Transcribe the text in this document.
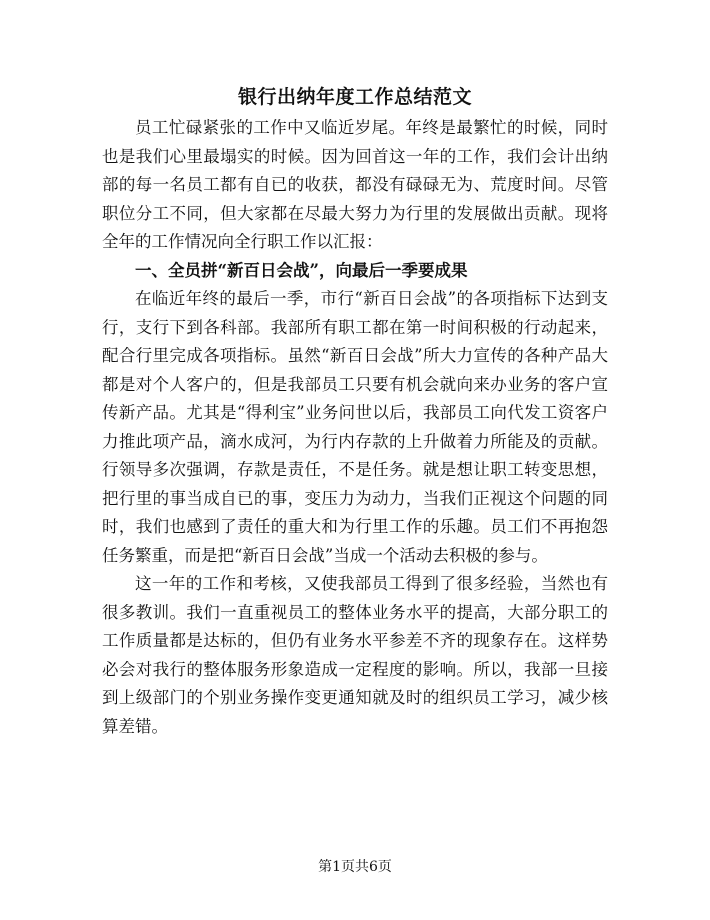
银行出纳年度工作总结范文

员工忙碌紧张的工作中又临近岁尾。年终是最繁忙的时候，同时也是我们心里最塌实的时候。因为回首这一年的工作，我们会计出纳部的每一名员工都有自已的收获，都没有碌碌无为、荒度时间。尽管职位分工不同，但大家都在尽最大努力为行里的发展做出贡献。现将全年的工作情况向全行职工作以汇报：

一、全员拼“新百日会战”，向最后一季要成果

在临近年终的最后一季，市行“新百日会战”的各项指标下达到支行，支行下到各科部。我部所有职工都在第一时间积极的行动起来，配合行里完成各项指标。虽然“新百日会战”所大力宣传的各种产品大都是对个人客户的，但是我部员工只要有机会就向来办业务的客户宣传新产品。尤其是“得利宝”业务问世以后，我部员工向代发工资客户力推此项产品，滴水成河，为行内存款的上升做着力所能及的贡献。行领导多次强调，存款是责任，不是任务。就是想让职工转变思想，把行里的事当成自已的事，变压力为动力，当我们正视这个问题的同时，我们也感到了责任的重大和为行里工作的乐趣。员工们不再抱怨任务繁重，而是把“新百日会战”当成一个活动去积极的参与。

这一年的工作和考核，又使我部员工得到了很多经验，当然也有很多教训。我们一直重视员工的整体业务水平的提高，大部分职工的工作质量都是达标的，但仍有业务水平参差不齐的现象存在。这样势必会对我行的整体服务形象造成一定程度的影响。所以，我部一旦接到上级部门的个别业务操作变更通知就及时的组织员工学习，减少核算差错。

第1页共6页
